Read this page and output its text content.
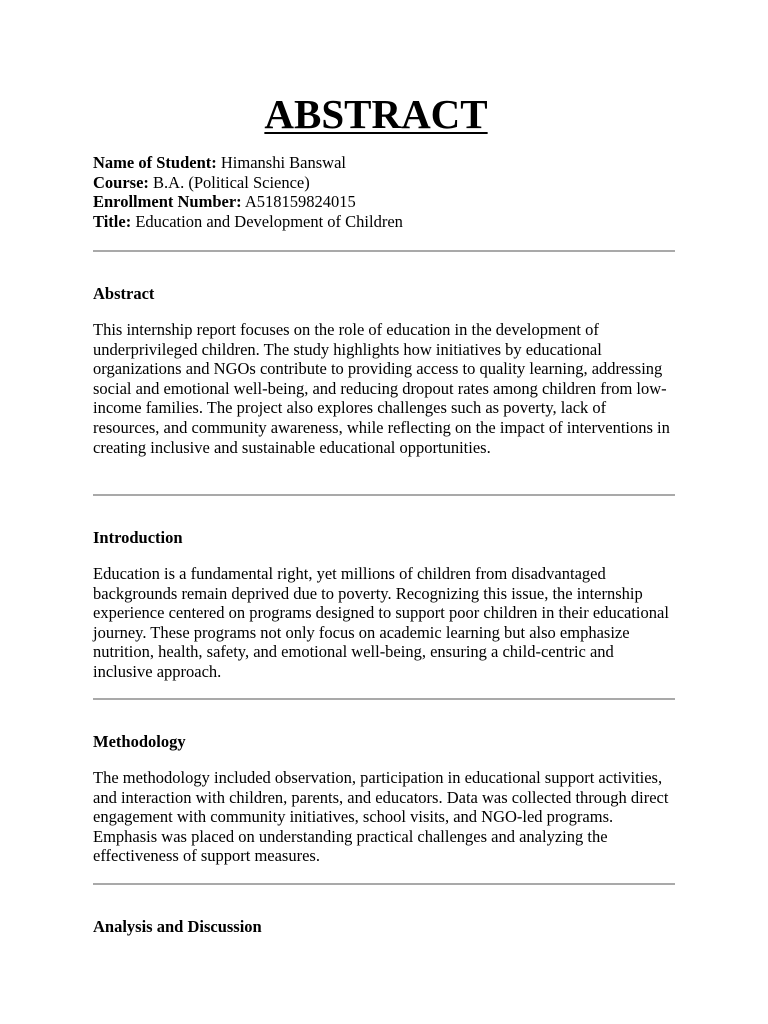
ABSTRACT
Name of Student: Himanshi Banswal
Course: B.A. (Political Science)
Enrollment Number: A518159824015
Title: Education and Development of Children
Abstract

This internship report focuses on the role of education in the development of underprivileged children. The study highlights how initiatives by educational organizations and NGOs contribute to providing access to quality learning, addressing social and emotional well-being, and reducing dropout rates among children from low-income families. The project also explores challenges such as poverty, lack of resources, and community awareness, while reflecting on the impact of interventions in creating inclusive and sustainable educational opportunities.

Introduction

Education is a fundamental right, yet millions of children from disadvantaged backgrounds remain deprived due to poverty. Recognizing this issue, the internship experience centered on programs designed to support poor children in their educational journey. These programs not only focus on academic learning but also emphasize nutrition, health, safety, and emotional well-being, ensuring a child-centric and inclusive approach.

Methodology

The methodology included observation, participation in educational support activities, and interaction with children, parents, and educators. Data was collected through direct engagement with community initiatives, school visits, and NGO-led programs. Emphasis was placed on understanding practical challenges and analyzing the effectiveness of support measures.

Analysis and Discussion
